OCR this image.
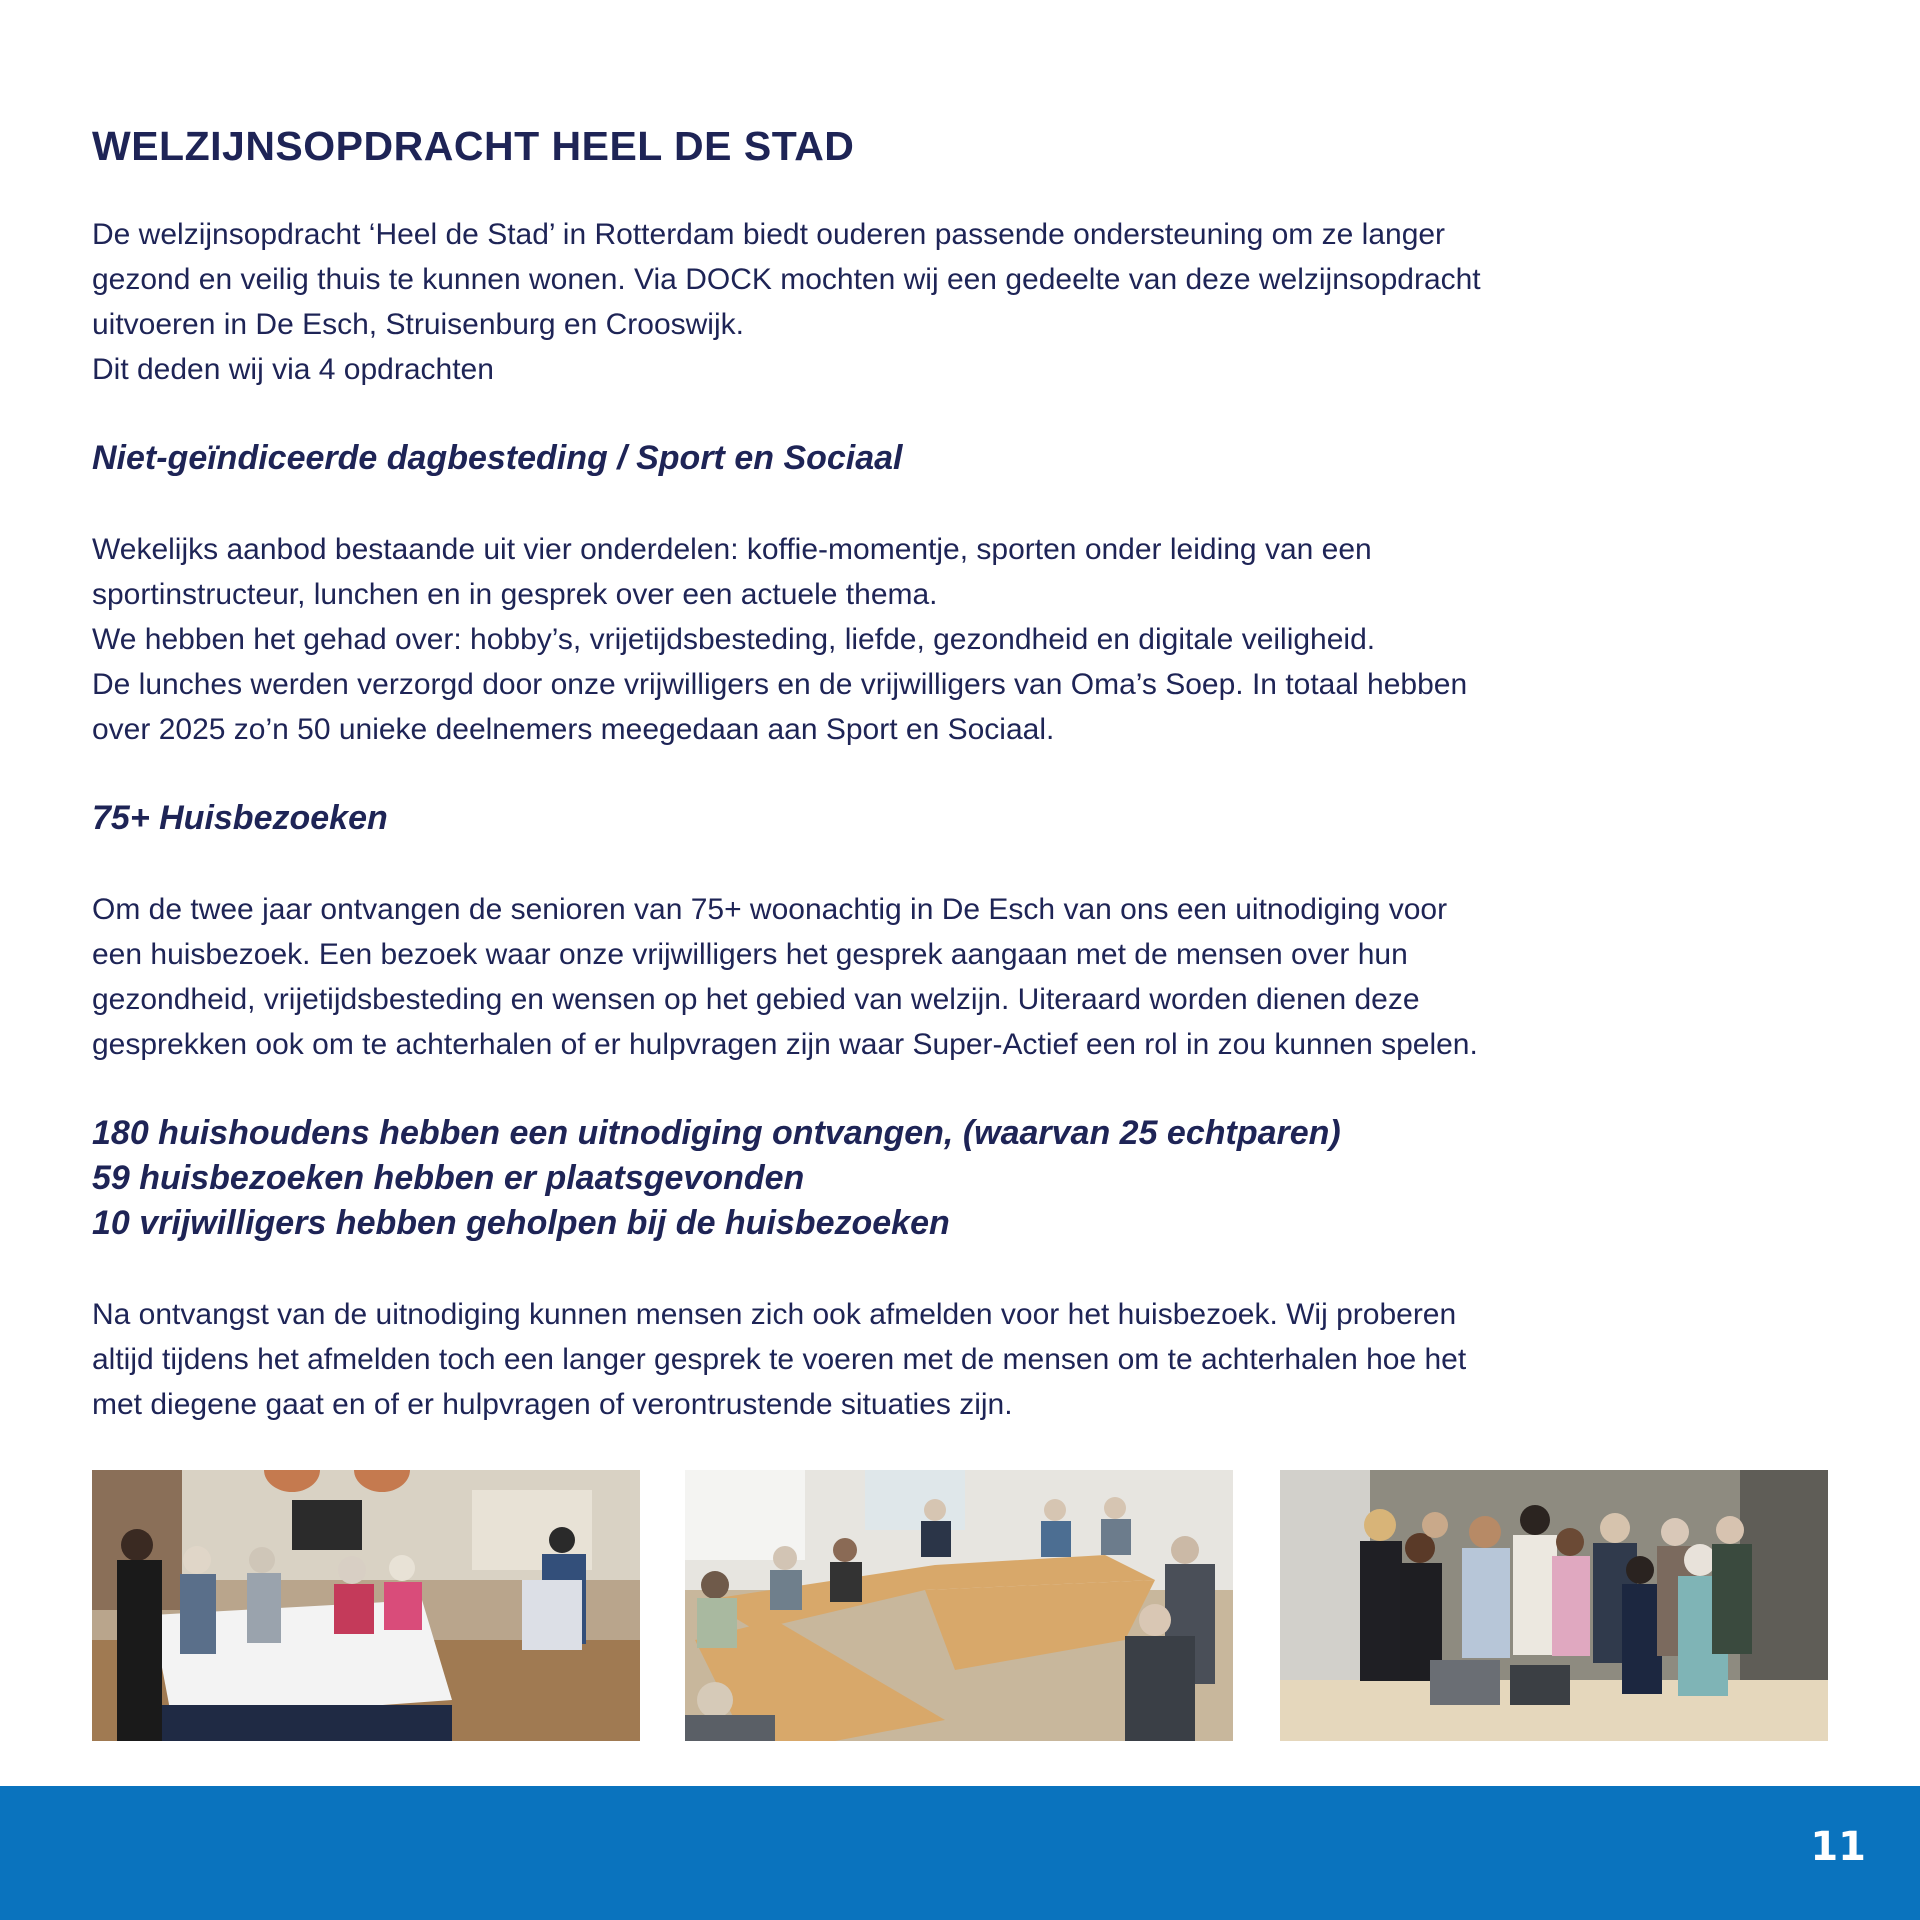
WELZIJNSOPDRACHT HEEL DE STAD

De welzijnsopdracht ‘Heel de Stad’ in Rotterdam biedt ouderen passende ondersteuning om ze langer
gezond en veilig thuis te kunnen wonen. Via DOCK mochten wij een gedeelte van deze welzijnsopdracht
uitvoeren in De Esch, Struisenburg en Crooswijk.
Dit deden wij via 4 opdrachten

Niet-geïndiceerde dagbesteding / Sport en Sociaal

Wekelijks aanbod bestaande uit vier onderdelen: koffie-momentje, sporten onder leiding van een
sportinstructeur, lunchen en in gesprek over een actuele thema.
We hebben het gehad over: hobby’s, vrijetijdsbesteding, liefde, gezondheid en digitale veiligheid.
De lunches werden verzorgd door onze vrijwilligers en de vrijwilligers van Oma’s Soep. In totaal hebben
over 2025 zo’n 50 unieke deelnemers meegedaan aan Sport en Sociaal.

75+ Huisbezoeken

Om de twee jaar ontvangen de senioren van 75+ woonachtig in De Esch van ons een uitnodiging voor
een huisbezoek. Een bezoek waar onze vrijwilligers het gesprek aangaan met de mensen over hun
gezondheid, vrijetijdsbesteding en wensen op het gebied van welzijn. Uiteraard worden dienen deze
gesprekken ook om te achterhalen of er hulpvragen zijn waar Super-Actief een rol in zou kunnen spelen.

180 huishoudens hebben een uitnodiging ontvangen, (waarvan 25 echtparen)
59 huisbezoeken hebben er plaatsgevonden
10 vrijwilligers hebben geholpen bij de huisbezoeken

Na ontvangst van de uitnodiging kunnen mensen zich ook afmelden voor het huisbezoek. Wij proberen
altijd tijdens het afmelden toch een langer gesprek te voeren met de mensen om te achterhalen hoe het
met diegene gaat en of er hulpvragen of verontrustende situaties zijn.

11
